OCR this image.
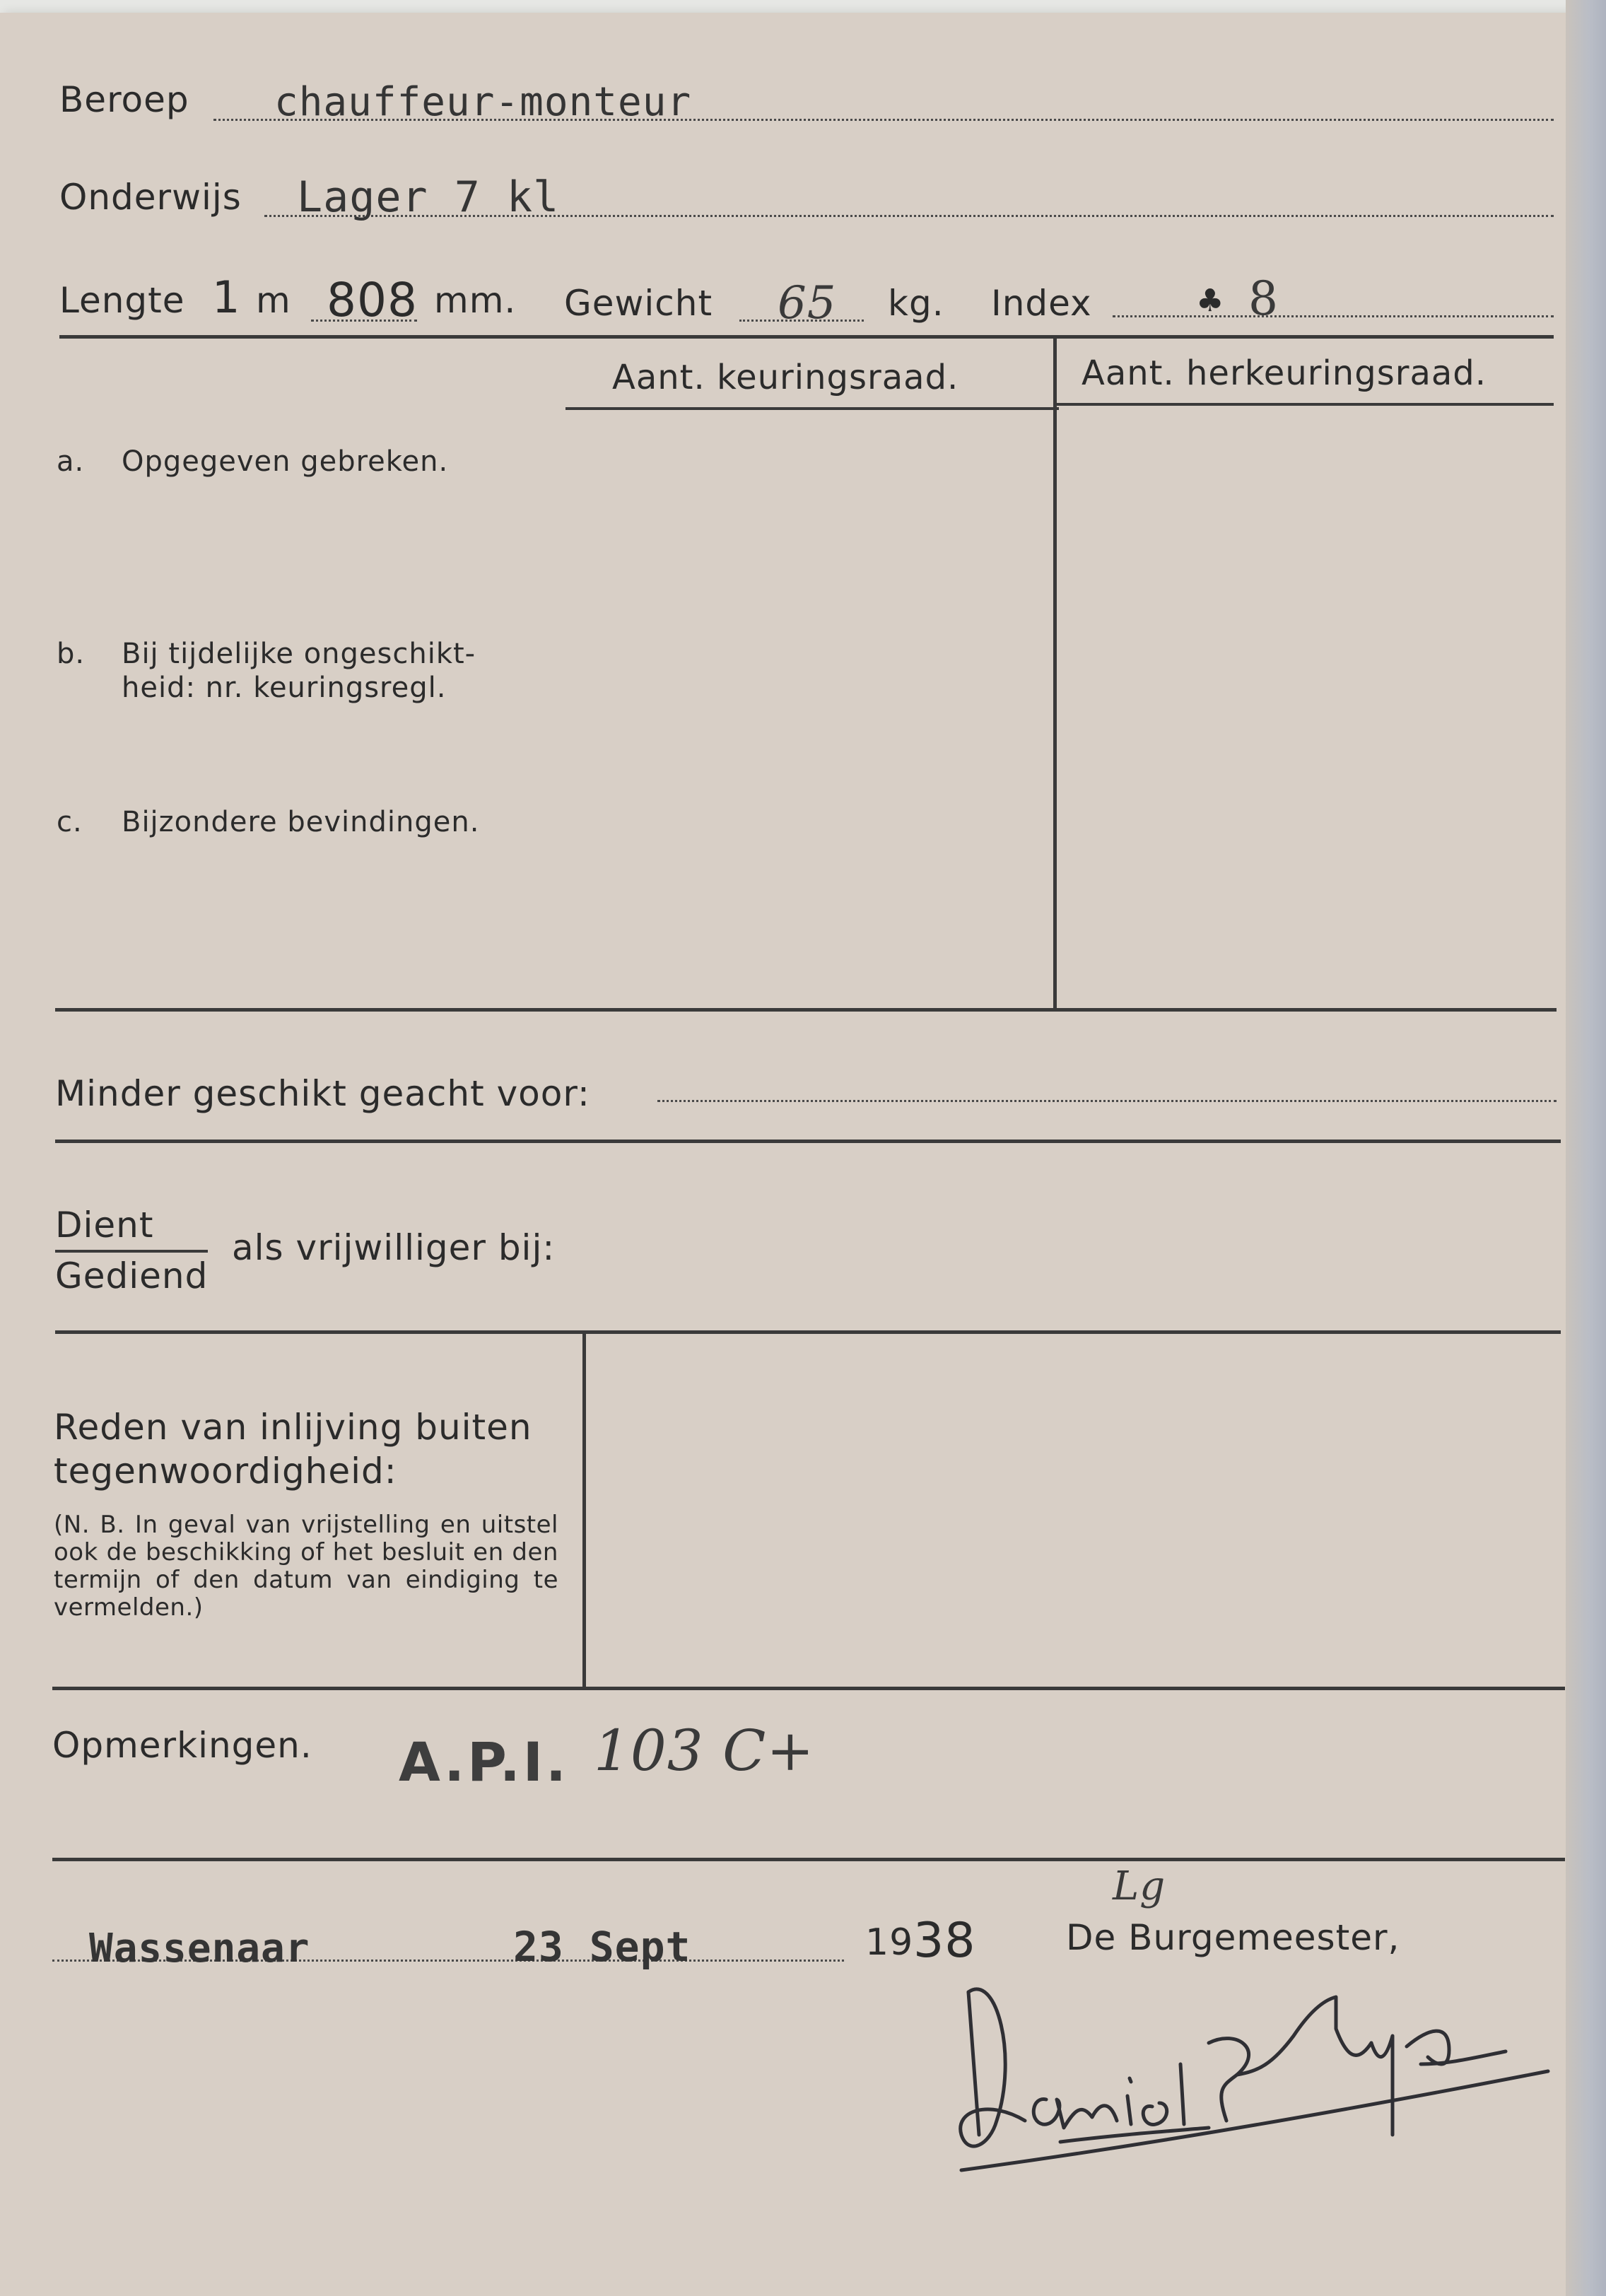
Beroep chauffeur-monteur
Onderwijs Lager 7 kl
Lengte 1 m 808 mm. Gewicht 65 kg. Index	♣ 8
Aant. keuringsraad.	Aant. herkeuringsraad.
a. Opgegeven gebreken.
b. Bij tijdelijke ongeschikt-
heid: nr. keuringsregl.
c. Bijzondere bevindingen.
Minder geschikt geacht voor:
Dient
Gediend
als vrijwilliger bij:
Reden van inlijving buiten
tegenwoordigheid:
(N. B. In geval van vrijstelling en uitstel ook de beschikking of het besluit en den termijn of den datum van eindiging te vermelden.)
Opmerkingen. A.P.I. 103 C+
Wassenaar	23 Sept	19 38
Lg
De Burgemeester,
